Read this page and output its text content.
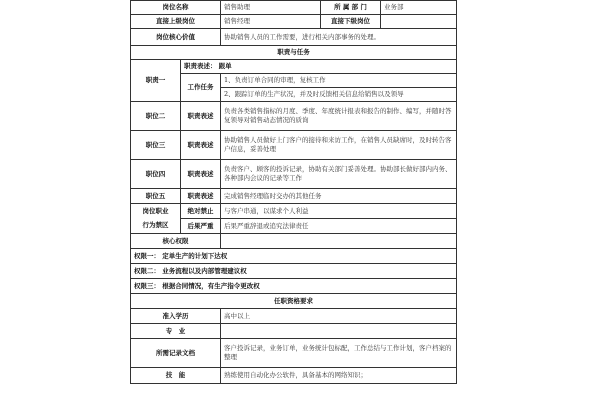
岗位名称		销售助理	所 属 部 门	业务部
直接上级岗位		销售经理	直接下级岗位	
岗位核心价值		协助销售人员的工作需要，进行相关内部事务的处理。		
职责与任务				
职责一	职责表述： 跟单			
	工作任务	1、负责订单合同的审理，复核工作		
		2、跟踪订单的生产状况，并及时反馈相关信息给销售以及领导		
职位二	职责表述	负责各类销售指标的月度、季度、年度统计报表和报告的制作、编写，并随时答复领导对销售动态情况的质询		
职位三	职责表述	协助销售人员做好上门客户的接待和来访工作，在销售人员缺席时，及时转告客户信息，妥善处理		
职位四	职责表述	负责客户、顾客的投诉记录，协助有关部门妥善处理。协助部长做好部内内务、各种部内会议的记录等工作		
职位五	职责表述	完成销售经理临时交办的其他任务		
岗位职业	绝对禁止	与客户串通，以谋求个人利益		
行为禁区	后果严重	后果严重辞退或追究法律责任		
核心权限				
权限一： 定单生产的计划下达权				
权限二： 业务流程以及内部管理建议权				
权限三： 根据合同情况，有生产指令更改权				
任职资格要求				
准入学历		高中以上		
专　业				
所需记录文档		客户投诉记录，业务订单，业务统计包标配，工作总结与工作计划，客户档案的整理		
技　能		熟练使用自动化办公软件，具备基本的网络知识；		
